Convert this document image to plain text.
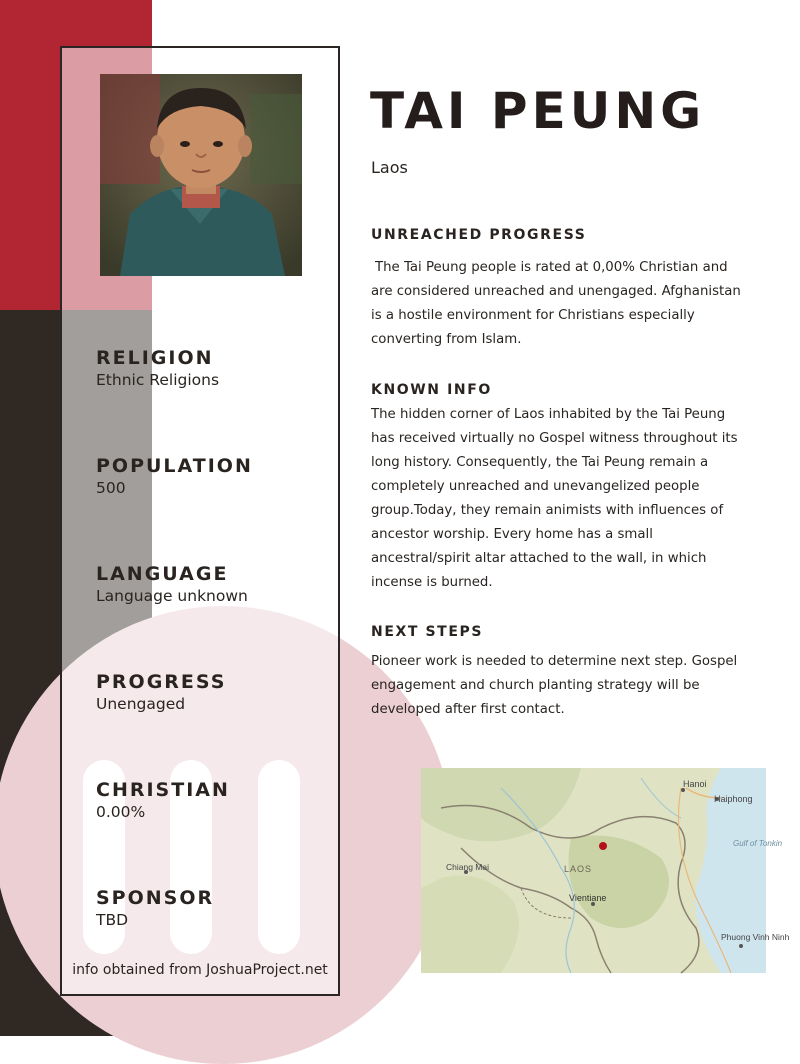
RELIGION

Ethnic Religions

POPULATION

500

LANGUAGE

Language unknown

PROGRESS

Unengaged

CHRISTIAN

0.00%

SPONSOR

TBD

info obtained from JoshuaProject.net
TAI PEUNG

Laos

UNREACHED PROGRESS

The Tai Peung people is rated at 0,00% Christian and are considered unreached and unengaged. Afghanistan is a hostile environment for Christians especially converting from Islam.

KNOWN INFO

The hidden corner of Laos inhabited by the Tai Peung has received virtually no Gospel witness throughout its long history. Consequently, the Tai Peung remain a completely unreached and unevangelized people group.Today, they remain animists with influences of ancestor worship. Every home has a small ancestral/spirit altar attached to the wall, in which incense is burned.

NEXT STEPS

Pioneer work is needed to determine next step. Gospel engagement and church planting strategy will be developed after first contact.

Hanoi
Haiphong
Gulf of Tonkin
Chiang Mai	LAOS
Vientiane
Phuong Vinh Ninh
